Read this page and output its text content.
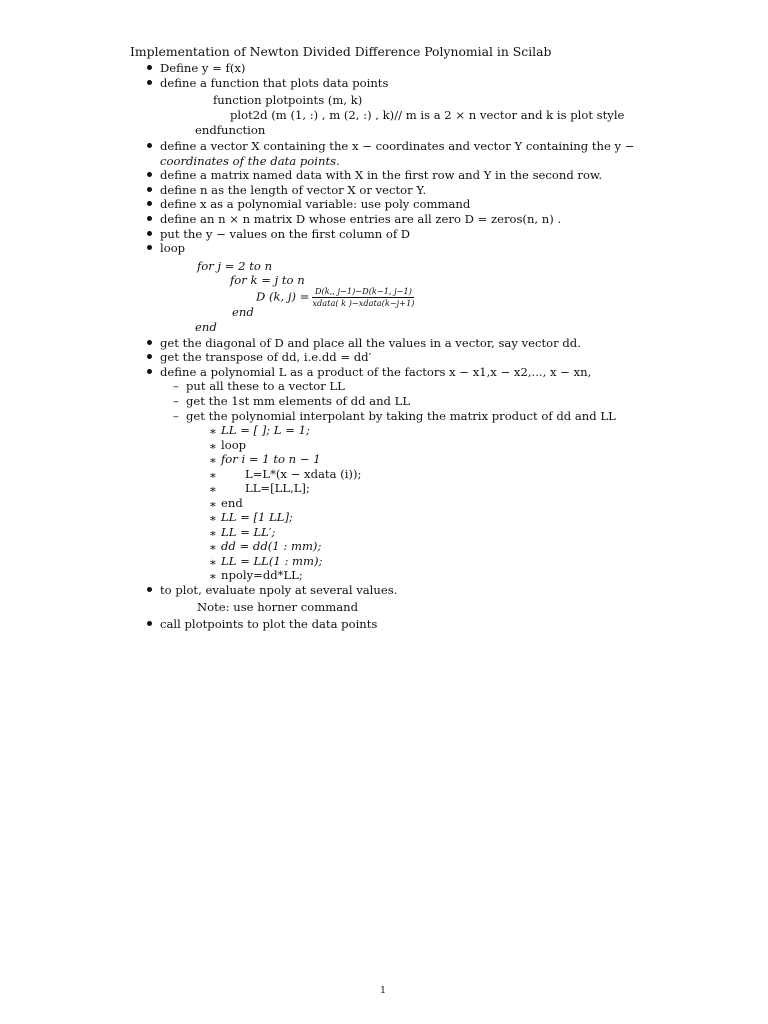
Implementation of Newton Divided Difference Polynomial in Scilab
Define y = f(x)
define a function that plots data points
function plotpoints (m, k)
plot2d (m (1, :) , m (2, :) , k)// m is a 2 × n vector and k is plot style
endfunction
define a vector X containing the x − coordinates and vector Y containing the y −
coordinates of the data points.
define a matrix named data with X in the first row and Y in the second row.
define n as the length of vector X or vector Y.
define x as a polynomial variable: use poly command
define an n × n matrix D whose entries are all zero D = zeros(n, n) .
put the y − values on the first column of D
loop
for j = 2 to n
for k = j to n
D (k, $j) = \frac{D(k,, j-1)-D(k-1, j-1)}{\text{xdata( k )−xdata(k−j+1)}}$
end
end
get the diagonal of D and place all the values in a vector, say vector dd.
get the transpose of dd, i.e.dd = dd′
define a polynomial L as a product of the factors x − x1,x − x2,..., x − xn,
– put all these to a vector LL
– get the 1st mm elements of dd and LL
– get the polynomial interpolant by taking the matrix product of dd and LL
∗ LL = [ ]; L = 1;
∗ loop
∗ for i = 1 to n − 1
∗ L=L*(x − xdata (i));
∗ LL=[LL,L];
∗ end
∗ LL = [1 LL];
∗ LL = LL′;
∗ dd = dd(1 : mm);
∗ LL = LL(1 : mm);
∗ npoly=dd*LL;
to plot, evaluate npoly at several values.
Note: use horner command
call plotpoints to plot the data points
1
